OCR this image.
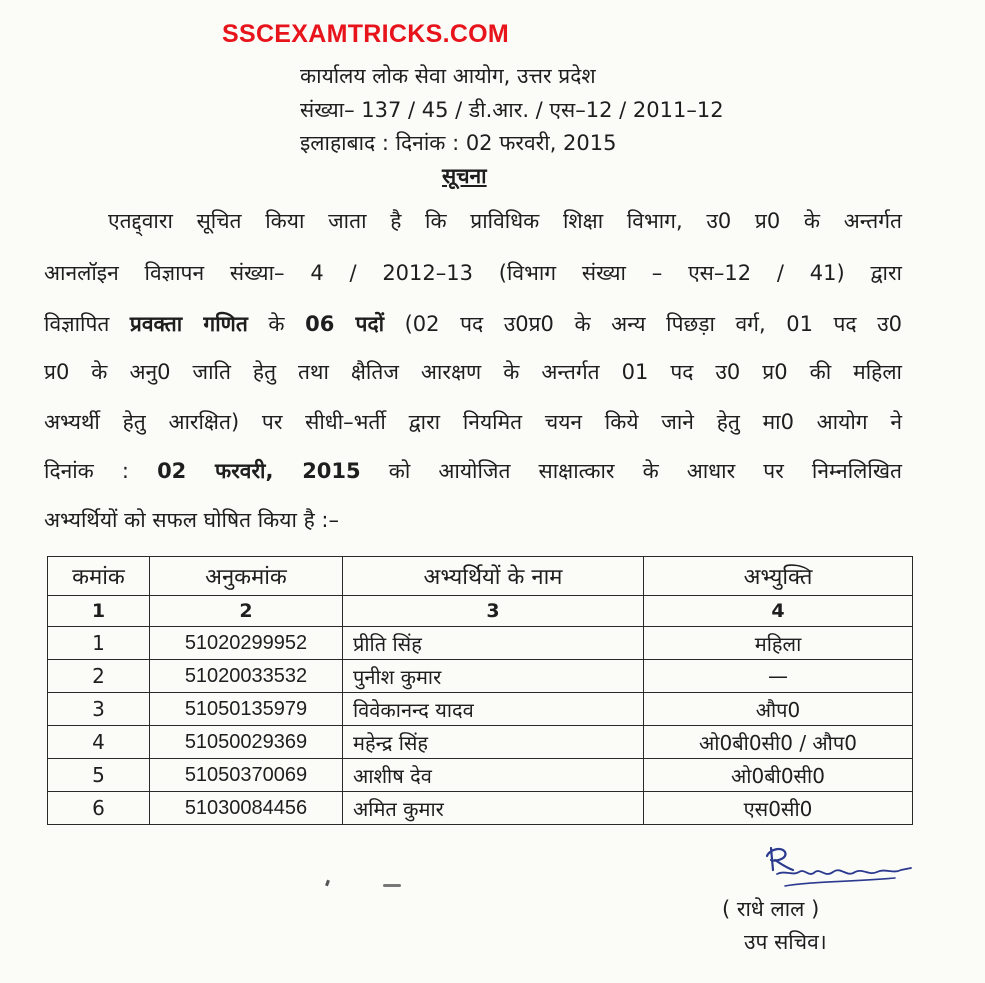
SSCEXAMTRICKS.COM
कार्यालय लोक सेवा आयोग, उत्तर प्रदेश
संख्या– 137 / 45 / डी.आर. / एस–12 / 2011–12
इलाहाबाद : दिनांक : 02 फरवरी, 2015
सूचना
एतद्द्वारा सूचित किया जाता है कि प्राविधिक शिक्षा विभाग, उ0 प्र0 के अन्तर्गत
आनलॉइन विज्ञापन संख्या– 4 / 2012–13 (विभाग संख्या – एस–12 / 41) द्वारा
विज्ञापित प्रवक्ता गणित के 06 पदों (02 पद उ0प्र0 के अन्य पिछड़ा वर्ग, 01 पद उ0
प्र0 के अनु0 जाति हेतु तथा क्षैतिज आरक्षण के अन्तर्गत 01 पद उ0 प्र0 की महिला
अभ्यर्थी हेतु आरक्षित) पर सीधी–भर्ती द्वारा नियमित चयन किये जाने हेतु मा0 आयोग ने
दिनांक : 02 फरवरी, 2015 को आयोजित साक्षात्कार के आधार पर निम्नलिखित
अभ्यर्थियों को सफल घोषित किया है :–
कमांक	अनुकमांक	अभ्यर्थियों के नाम	अभ्युक्ति
1	2	3	4
1	51020299952	प्रीति सिंह	महिला
2	51020033532	पुनीश कुमार	—
3	51050135979	विवेकानन्द यादव	औप0
4	51050029369	महेन्द्र सिंह	ओ0बी0सी0 / औप0
5	51050370069	आशीष देव	ओ0बी0सी0
6	51030084456	अमित कुमार	एस0सी0
( राधे लाल )
उप सचिव।
